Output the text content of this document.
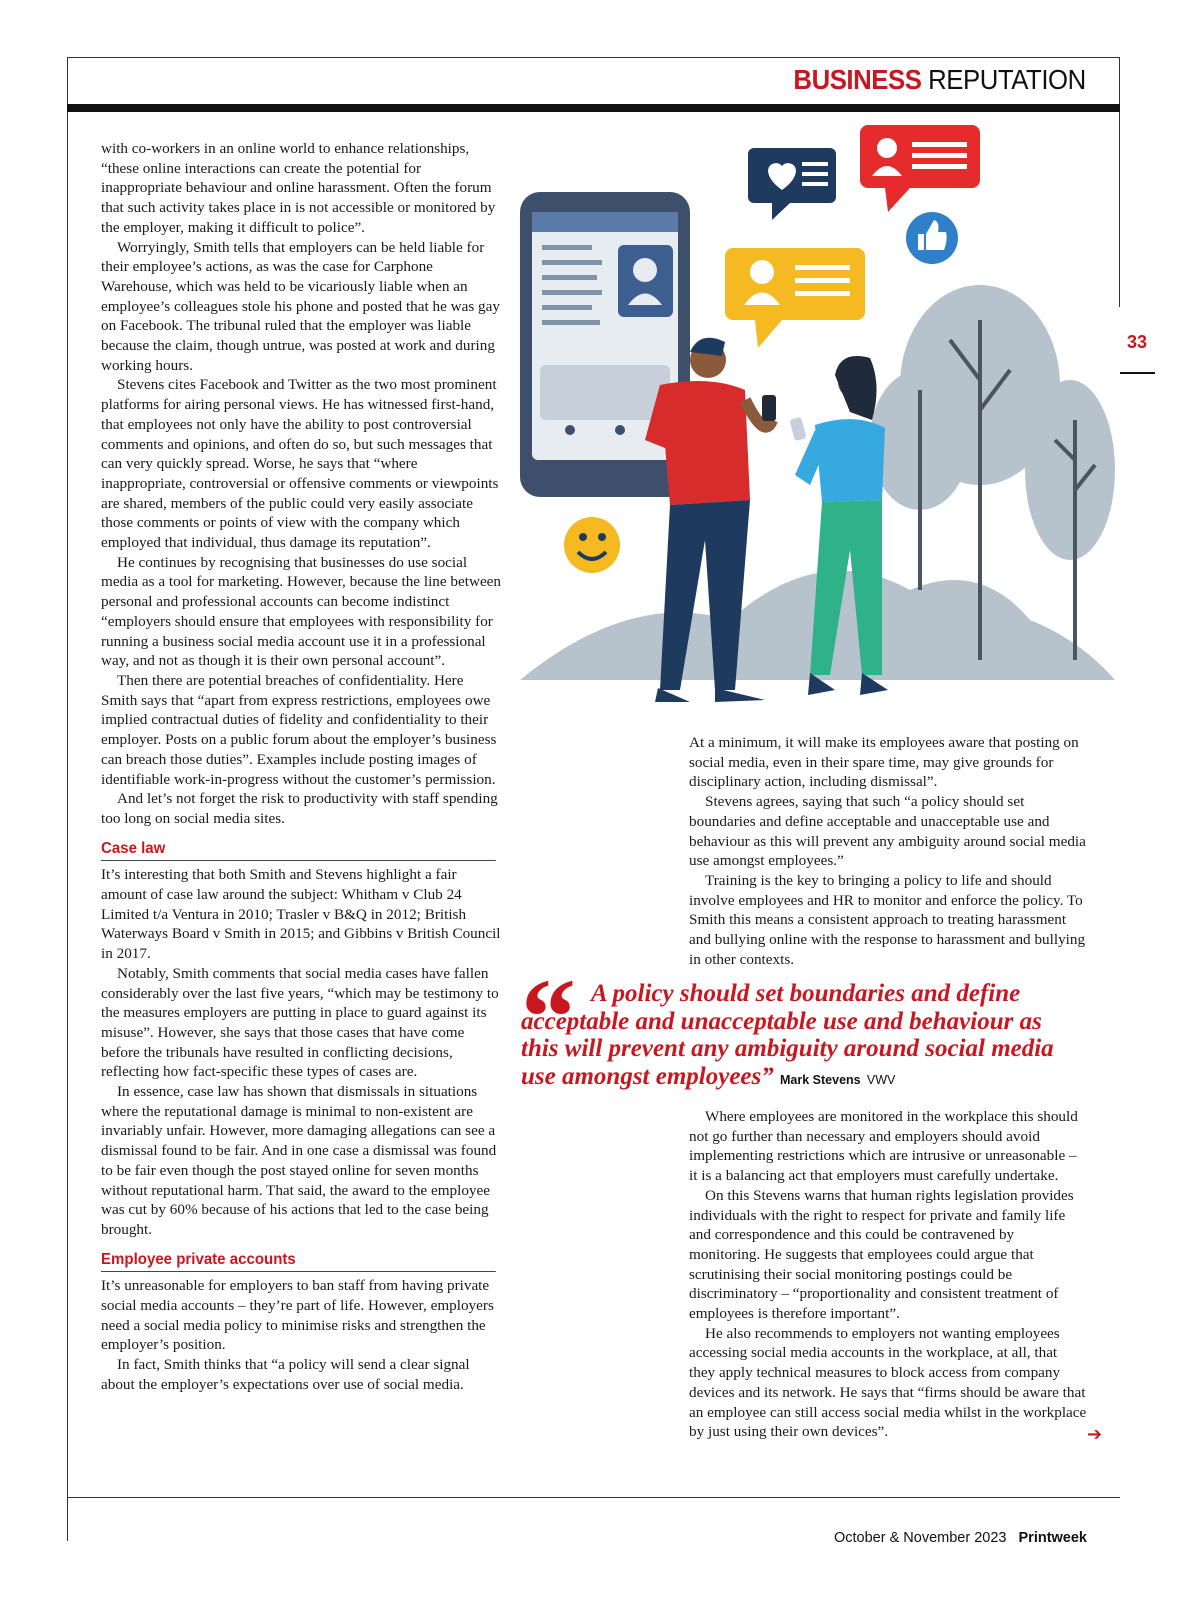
BUSINESS REPUTATION
33

with co-workers in an online world to enhance relationships, “these online interactions can create the potential for inappropriate behaviour and online harassment. Often the forum that such activity takes place in is not accessible or monitored by the employer, making it difficult to police”.

Worryingly, Smith tells that employers can be held liable for their employee’s actions, as was the case for Carphone Warehouse, which was held to be vicariously liable when an employee’s colleagues stole his phone and posted that he was gay on Facebook. The tribunal ruled that the employer was liable because the claim, though untrue, was posted at work and during working hours.

Stevens cites Facebook and Twitter as the two most prominent platforms for airing personal views. He has witnessed first-hand, that employees not only have the ability to post controversial comments and opinions, and often do so, but such messages that can very quickly spread. Worse, he says that “where inappropriate, controversial or offensive comments or viewpoints are shared, members of the public could very easily associate those comments or points of view with the company which employed that individual, thus damage its reputation”.

He continues by recognising that businesses do use social media as a tool for marketing. However, because the line between personal and professional accounts can become indistinct “employers should ensure that employees with responsibility for running a business social media account use it in a professional way, and not as though it is their own personal account”.

Then there are potential breaches of confidentiality. Here Smith says that “apart from express restrictions, employees owe implied contractual duties of fidelity and confidentiality to their employer. Posts on a public forum about the employer’s business can breach those duties”. Examples include posting images of identifiable work-in-progress without the customer’s permission.

And let’s not forget the risk to productivity with staff spending too long on social media sites.

Case law

It’s interesting that both Smith and Stevens highlight a fair amount of case law around the subject: Whitham v Club 24 Limited t/a Ventura in 2010; Trasler v B&Q in 2012; British Waterways Board v Smith in 2015; and Gibbins v British Council in 2017.

Notably, Smith comments that social media cases have fallen considerably over the last five years, “which may be testimony to the measures employers are putting in place to guard against its misuse”. However, she says that those cases that have come before the tribunals have resulted in conflicting decisions, reflecting how fact-specific these types of cases are.

In essence, case law has shown that dismissals in situations where the reputational damage is minimal to non-existent are invariably unfair. However, more damaging allegations can see a dismissal found to be fair. And in one case a dismissal was found to be fair even though the post stayed online for seven months without reputational harm. That said, the award to the employee was cut by 60% because of his actions that led to the case being brought.

Employee private accounts

It’s unreasonable for employers to ban staff from having private social media accounts – they’re part of life. However, employers need a social media policy to minimise risks and strengthen the employer’s position.

In fact, Smith thinks that “a policy will send a clear signal about the employer’s expectations over use of social media.

At a minimum, it will make its employees aware that posting on social media, even in their spare time, may give grounds for disciplinary action, including dismissal”.

Stevens agrees, saying that such “a policy should set boundaries and define acceptable and unacceptable use and behaviour as this will prevent any ambiguity around social media use amongst employees.”

Training is the key to bringing a policy to life and should involve employees and HR to monitor and enforce the policy. To Smith this means a consistent approach to treating harassment and bullying online with the response to harassment and bullying in other contexts.

“ A policy should set boundaries and define acceptable and unacceptable use and behaviour as this will prevent any ambiguity around social media use amongst employees” Mark Stevens VWV

Where employees are monitored in the workplace this should not go further than necessary and employers should avoid implementing restrictions which are intrusive or unreasonable – it is a balancing act that employers must carefully undertake.

On this Stevens warns that human rights legislation provides individuals with the right to respect for private and family life and correspondence and this could be contravened by monitoring. He suggests that employees could argue that scrutinising their social monitoring postings could be discriminatory – “proportionality and consistent treatment of employees is therefore important”.

He also recommends to employers not wanting employees accessing social media accounts in the workplace, at all, that they apply technical measures to block access from company devices and its network. He says that “firms should be aware that an employee can still access social media whilst in the workplace by just using their own devices”.	➔
October & November 2023 Printweek
